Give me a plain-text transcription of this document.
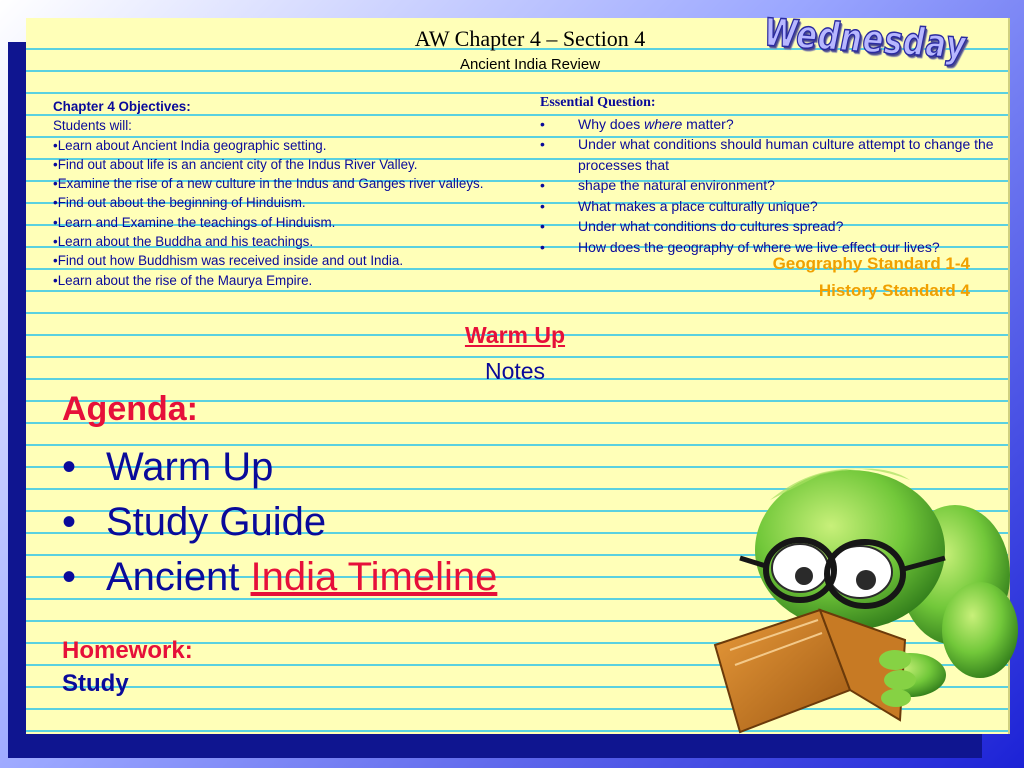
AW Chapter 4 – Section 4
Ancient India Review	Wednesday
Chapter 4 Objectives:
Students will:
•Learn about Ancient India geographic setting.
•Find out about life is an ancient city of the Indus River Valley.
•Examine the rise of a new culture in the Indus and Ganges river valleys.
•Find out about the beginning of Hinduism.
•Learn and Examine the teachings of Hinduism.
•Learn about the Buddha and his teachings.
•Find out how Buddhism was received inside and out India.
•Learn about the rise of the Maurya Empire.
Essential Question:
• Why does where matter?
• Under what conditions should human culture attempt to change the processes that
• shape the natural environment?
• What makes a place culturally unique?
• Under what conditions do cultures spread?
• How does the geography of where we live effect our lives?
Geography Standard 1-4
History Standard 4
Warm Up
Notes
Agenda:
• Warm Up
• Study Guide
• Ancient India Timeline
Homework:
Study
